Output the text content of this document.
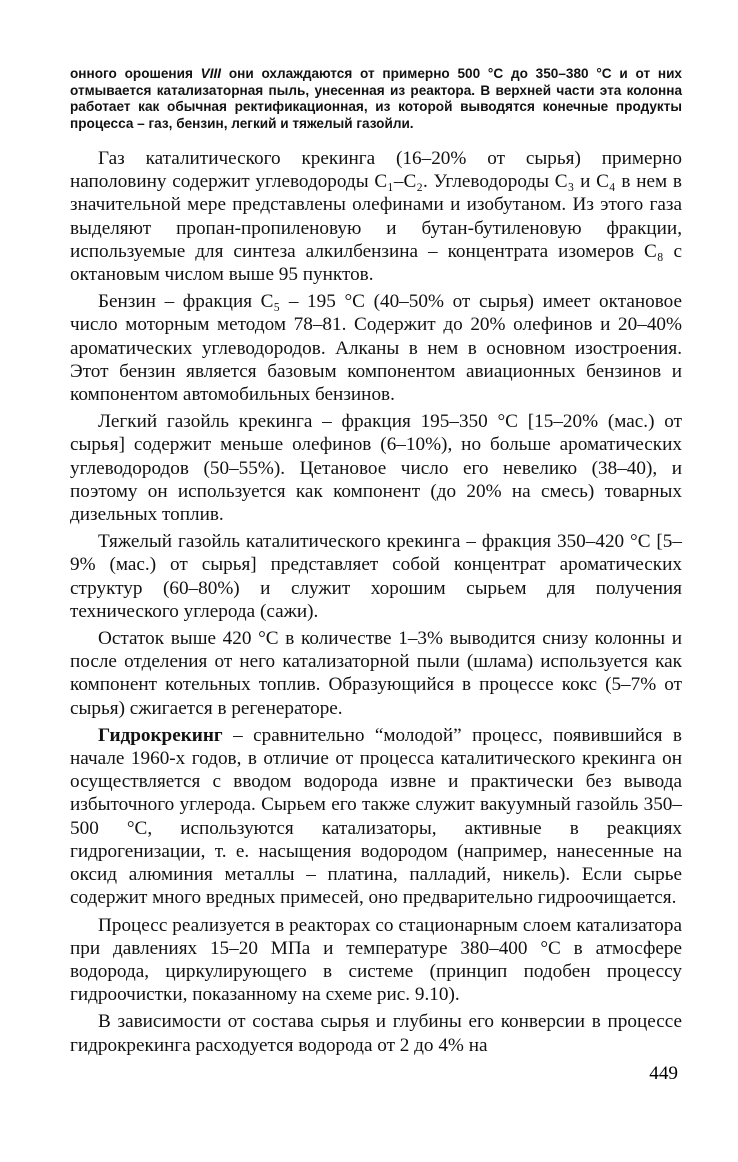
онного орошения VIII они охлаждаются от примерно 500 °С до 350–380 °С и от них отмывается катализаторная пыль, унесенная из реактора. В верхней части эта колонна работает как обычная ректификационная, из которой выводятся конечные продукты процесса – газ, бензин, легкий и тяжелый газойли.

Газ каталитического крекинга (16–20% от сырья) примерно наполовину содержит углеводороды С₁–С₂. Углеводороды С₃ и С₄ в нем в значительной мере представлены олефинами и изобутаном. Из этого газа выделяют пропан-пропиленовую и бутан-бутиленовую фракции, используемые для синтеза алкилбензина – концентрата изомеров С₈ с октановым числом выше 95 пунктов.

Бензин – фракция С₅ – 195 °С (40–50% от сырья) имеет октановое число моторным методом 78–81. Содержит до 20% олефинов и 20–40% ароматических углеводородов. Алканы в нем в основном изостроения. Этот бензин является базовым компонентом авиационных бензинов и компонентом автомобильных бензинов.

Легкий газойль крекинга – фракция 195–350 °С [15–20% (мас.) от сырья] содержит меньше олефинов (6–10%), но больше ароматических углеводородов (50–55%). Цетановое число его невелико (38–40), и поэтому он используется как компонент (до 20% на смесь) товарных дизельных топлив.

Тяжелый газойль каталитического крекинга – фракция 350–420 °С [5–9% (мас.) от сырья] представляет собой концентрат ароматических структур (60–80%) и служит хорошим сырьем для получения технического углерода (сажи).

Остаток выше 420 °С в количестве 1–3% выводится снизу колонны и после отделения от него катализаторной пыли (шлама) используется как компонент котельных топлив. Образующийся в процессе кокс (5–7% от сырья) сжигается в регенераторе.

Гидрокрекинг – сравнительно “молодой” процесс, появившийся в начале 1960-х годов, в отличие от процесса каталитического крекинга он осуществляется с вводом водорода извне и практически без вывода избыточного углерода. Сырьем его также служит вакуумный газойль 350–500 °С, используются катализаторы, активные в реакциях гидрогенизации, т. е. насыщения водородом (например, нанесенные на оксид алюминия металлы – платина, палладий, никель). Если сырье содержит много вредных примесей, оно предварительно гидроочищается.

Процесс реализуется в реакторах со стационарным слоем катализатора при давлениях 15–20 МПа и температуре 380–400 °С в атмосфере водорода, циркулирующего в системе (принцип подобен процессу гидроочистки, показанному на схеме рис. 9.10).

В зависимости от состава сырья и глубины его конверсии в процессе гидрокрекинга расходуется водорода от 2 до 4% на

449
